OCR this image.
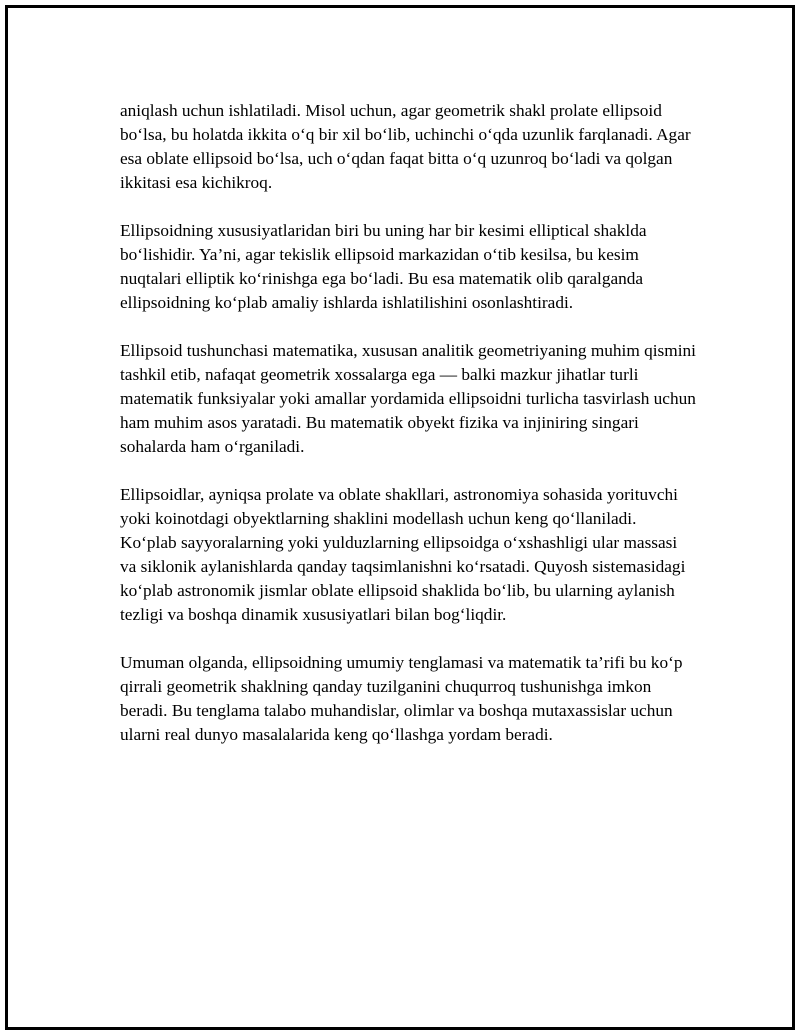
aniqlash uchun ishlatiladi. Misol uchun, agar geometrik shakl prolate ellipsoid bo‘lsa, bu holatda ikkita o‘q bir xil bo‘lib, uchinchi o‘qda uzunlik farqlanadi. Agar esa oblate ellipsoid bo‘lsa, uch o‘qdan faqat bitta o‘q uzunroq bo‘ladi va qolgan ikkitasi esa kichikroq.

Ellipsoidning xususiyatlaridan biri bu uning har bir kesimi elliptical shaklda bo‘lishidir. Ya’ni, agar tekislik ellipsoid markazidan o‘tib kesilsa, bu kesim nuqtalari elliptik ko‘rinishga ega bo‘ladi. Bu esa matematik olib qaralganda ellipsoidning ko‘plab amaliy ishlarda ishlatilishini osonlashtiradi.

Ellipsoid tushunchasi matematika, xususan analitik geometriyaning muhim qismini tashkil etib, nafaqat geometrik xossalarga ega — balki mazkur jihatlar turli matematik funksiyalar yoki amallar yordamida ellipsoidni turlicha tasvirlash uchun ham muhim asos yaratadi. Bu matematik obyekt fizika va injiniring singari sohalarda ham o‘rganiladi.

Ellipsoidlar, ayniqsa prolate va oblate shakllari, astronomiya sohasida yorituvchi yoki koinotdagi obyektlarning shaklini modellash uchun keng qo‘llaniladi. Ko‘plab sayyoralarning yoki yulduzlarning ellipsoidga o‘xshashligi ular massasi va siklonik aylanishlarda qanday taqsimlanishni ko‘rsatadi. Quyosh sistemasidagi ko‘plab astronomik jismlar oblate ellipsoid shaklida bo‘lib, bu ularning aylanish tezligi va boshqa dinamik xususiyatlari bilan bog‘liqdir.

Umuman olganda, ellipsoidning umumiy tenglamasi va matematik ta’rifi bu ko‘p qirrali geometrik shaklning qanday tuzilganini chuqurroq tushunishga imkon beradi. Bu tenglama talabo muhandislar, olimlar va boshqa mutaxassislar uchun ularni real dunyo masalalarida keng qo‘llashga yordam beradi.
